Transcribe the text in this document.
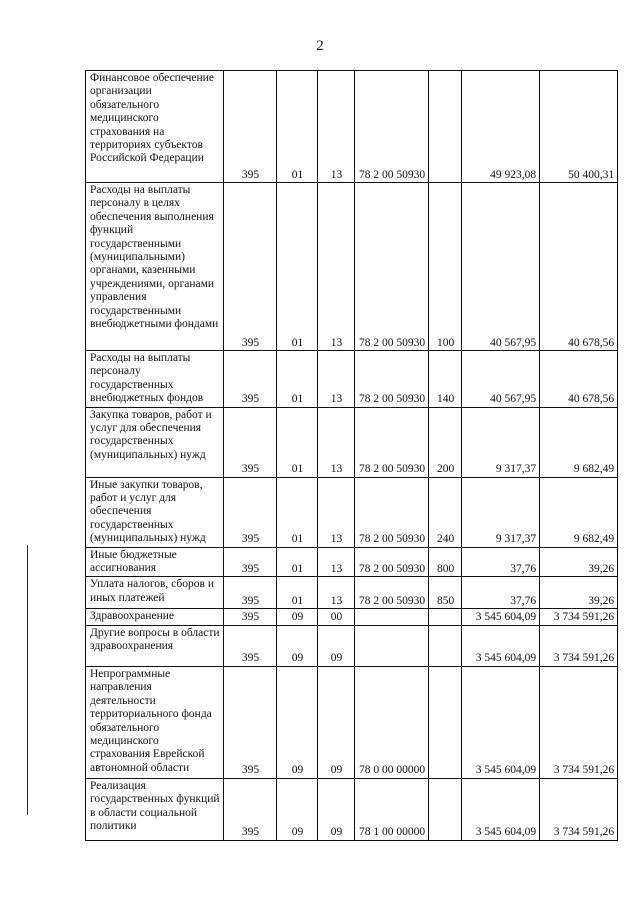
2
Финансовое обеспечение организации обязательного медицинского страхования на территориях субъектов Российской Федерации	395	01	13	78 2 00 50930		49 923,08	50 400,31
Расходы на выплаты персоналу в целях обеспечения выполнения функций государственными (муниципальными) органами, казенными учреждениями, органами управления государственными внебюджетными фондами	395	01	13	78 2 00 50930	100	40 567,95	40 678,56
Расходы на выплаты персоналу государственных внебюджетных фондов	395	01	13	78 2 00 50930	140	40 567,95	40 678,56
Закупка товаров, работ и услуг для обеспечения государственных (муниципальных) нужд	395	01	13	78 2 00 50930	200	9 317,37	9 682,49
Иные закупки товаров, работ и услуг для обеспечения государственных (муниципальных) нужд	395	01	13	78 2 00 50930	240	9 317,37	9 682,49
Иные бюджетные ассигнования	395	01	13	78 2 00 50930	800	37,76	39,26
Уплата налогов, сборов и иных платежей	395	01	13	78 2 00 50930	850	37,76	39,26
Здравоохранение	395	09	00			3 545 604,09	3 734 591,26
Другие вопросы в области здравоохранения	395	09	09			3 545 604,09	3 734 591,26
Непрограммные направления деятельности территориального фонда обязательного медицинского страхования Еврейской автономной области	395	09	09	78 0 00 00000		3 545 604,09	3 734 591,26
Реализация государственных функций в области социальной политики	395	09	09	78 1 00 00000		3 545 604,09	3 734 591,26
